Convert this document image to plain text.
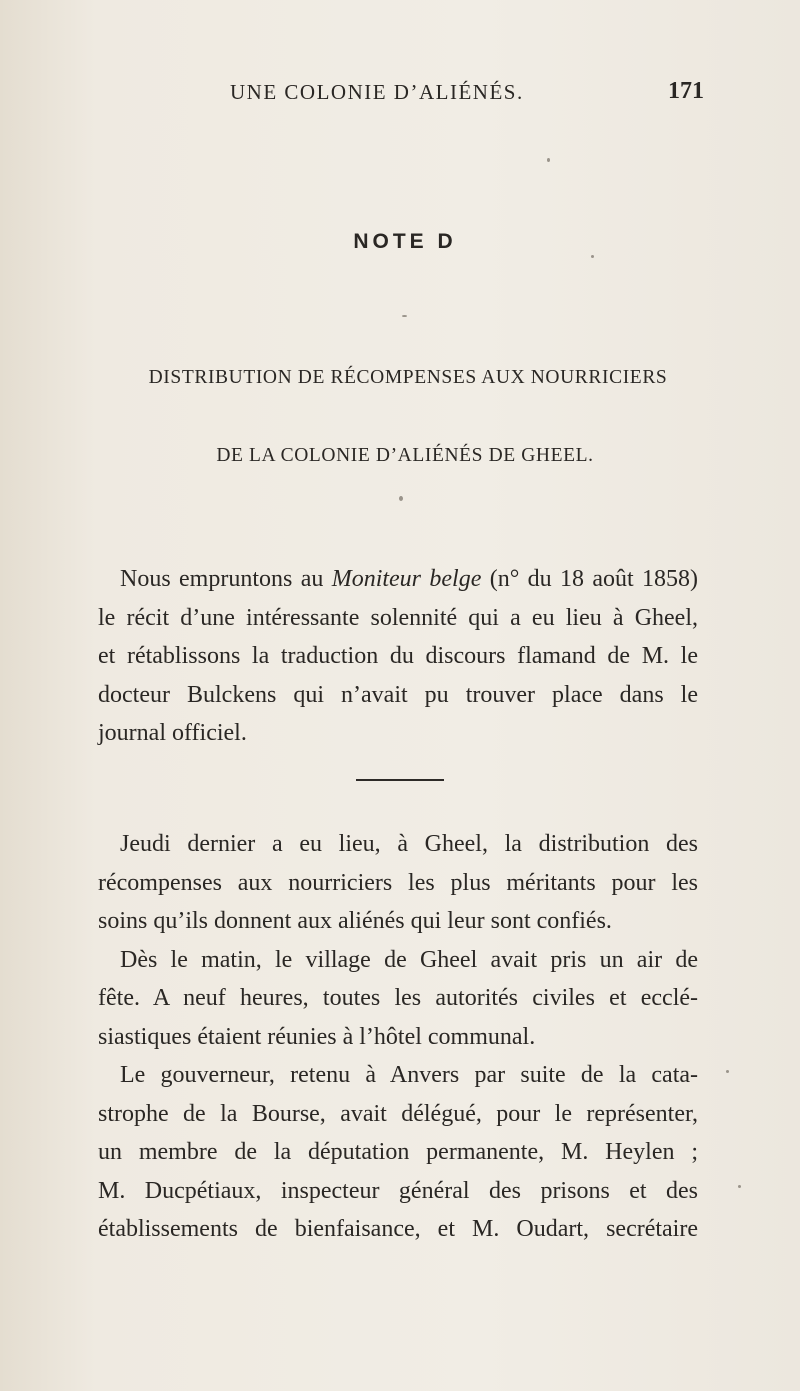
UNE COLONIE D’ALIÉNÉS.	171
NOTE D
DISTRIBUTION DE RÉCOMPENSES AUX NOURRICIERS
DE LA COLONIE D’ALIÉNÉS DE GHEEL.

Nous empruntons au Moniteur belge (n° du 18 août 1858)
le récit d’une intéressante solennité qui a eu lieu à Gheel,
et rétablissons la traduction du discours flamand de M. le
docteur Bulckens qui n’avait pu trouver place dans le
journal officiel.

Jeudi dernier a eu lieu, à Gheel, la distribution des
récompenses aux nourriciers les plus méritants pour les
soins qu’ils donnent aux aliénés qui leur sont confiés.
Dès le matin, le village de Gheel avait pris un air de
fête. A neuf heures, toutes les autorités civiles et ecclé-
siastiques étaient réunies à l’hôtel communal.
Le gouverneur, retenu à Anvers par suite de la cata-
strophe de la Bourse, avait délégué, pour le représenter,
un membre de la députation permanente, M. Heylen ;
M. Ducpétiaux, inspecteur général des prisons et des
établissements de bienfaisance, et M. Oudart, secrétaire
